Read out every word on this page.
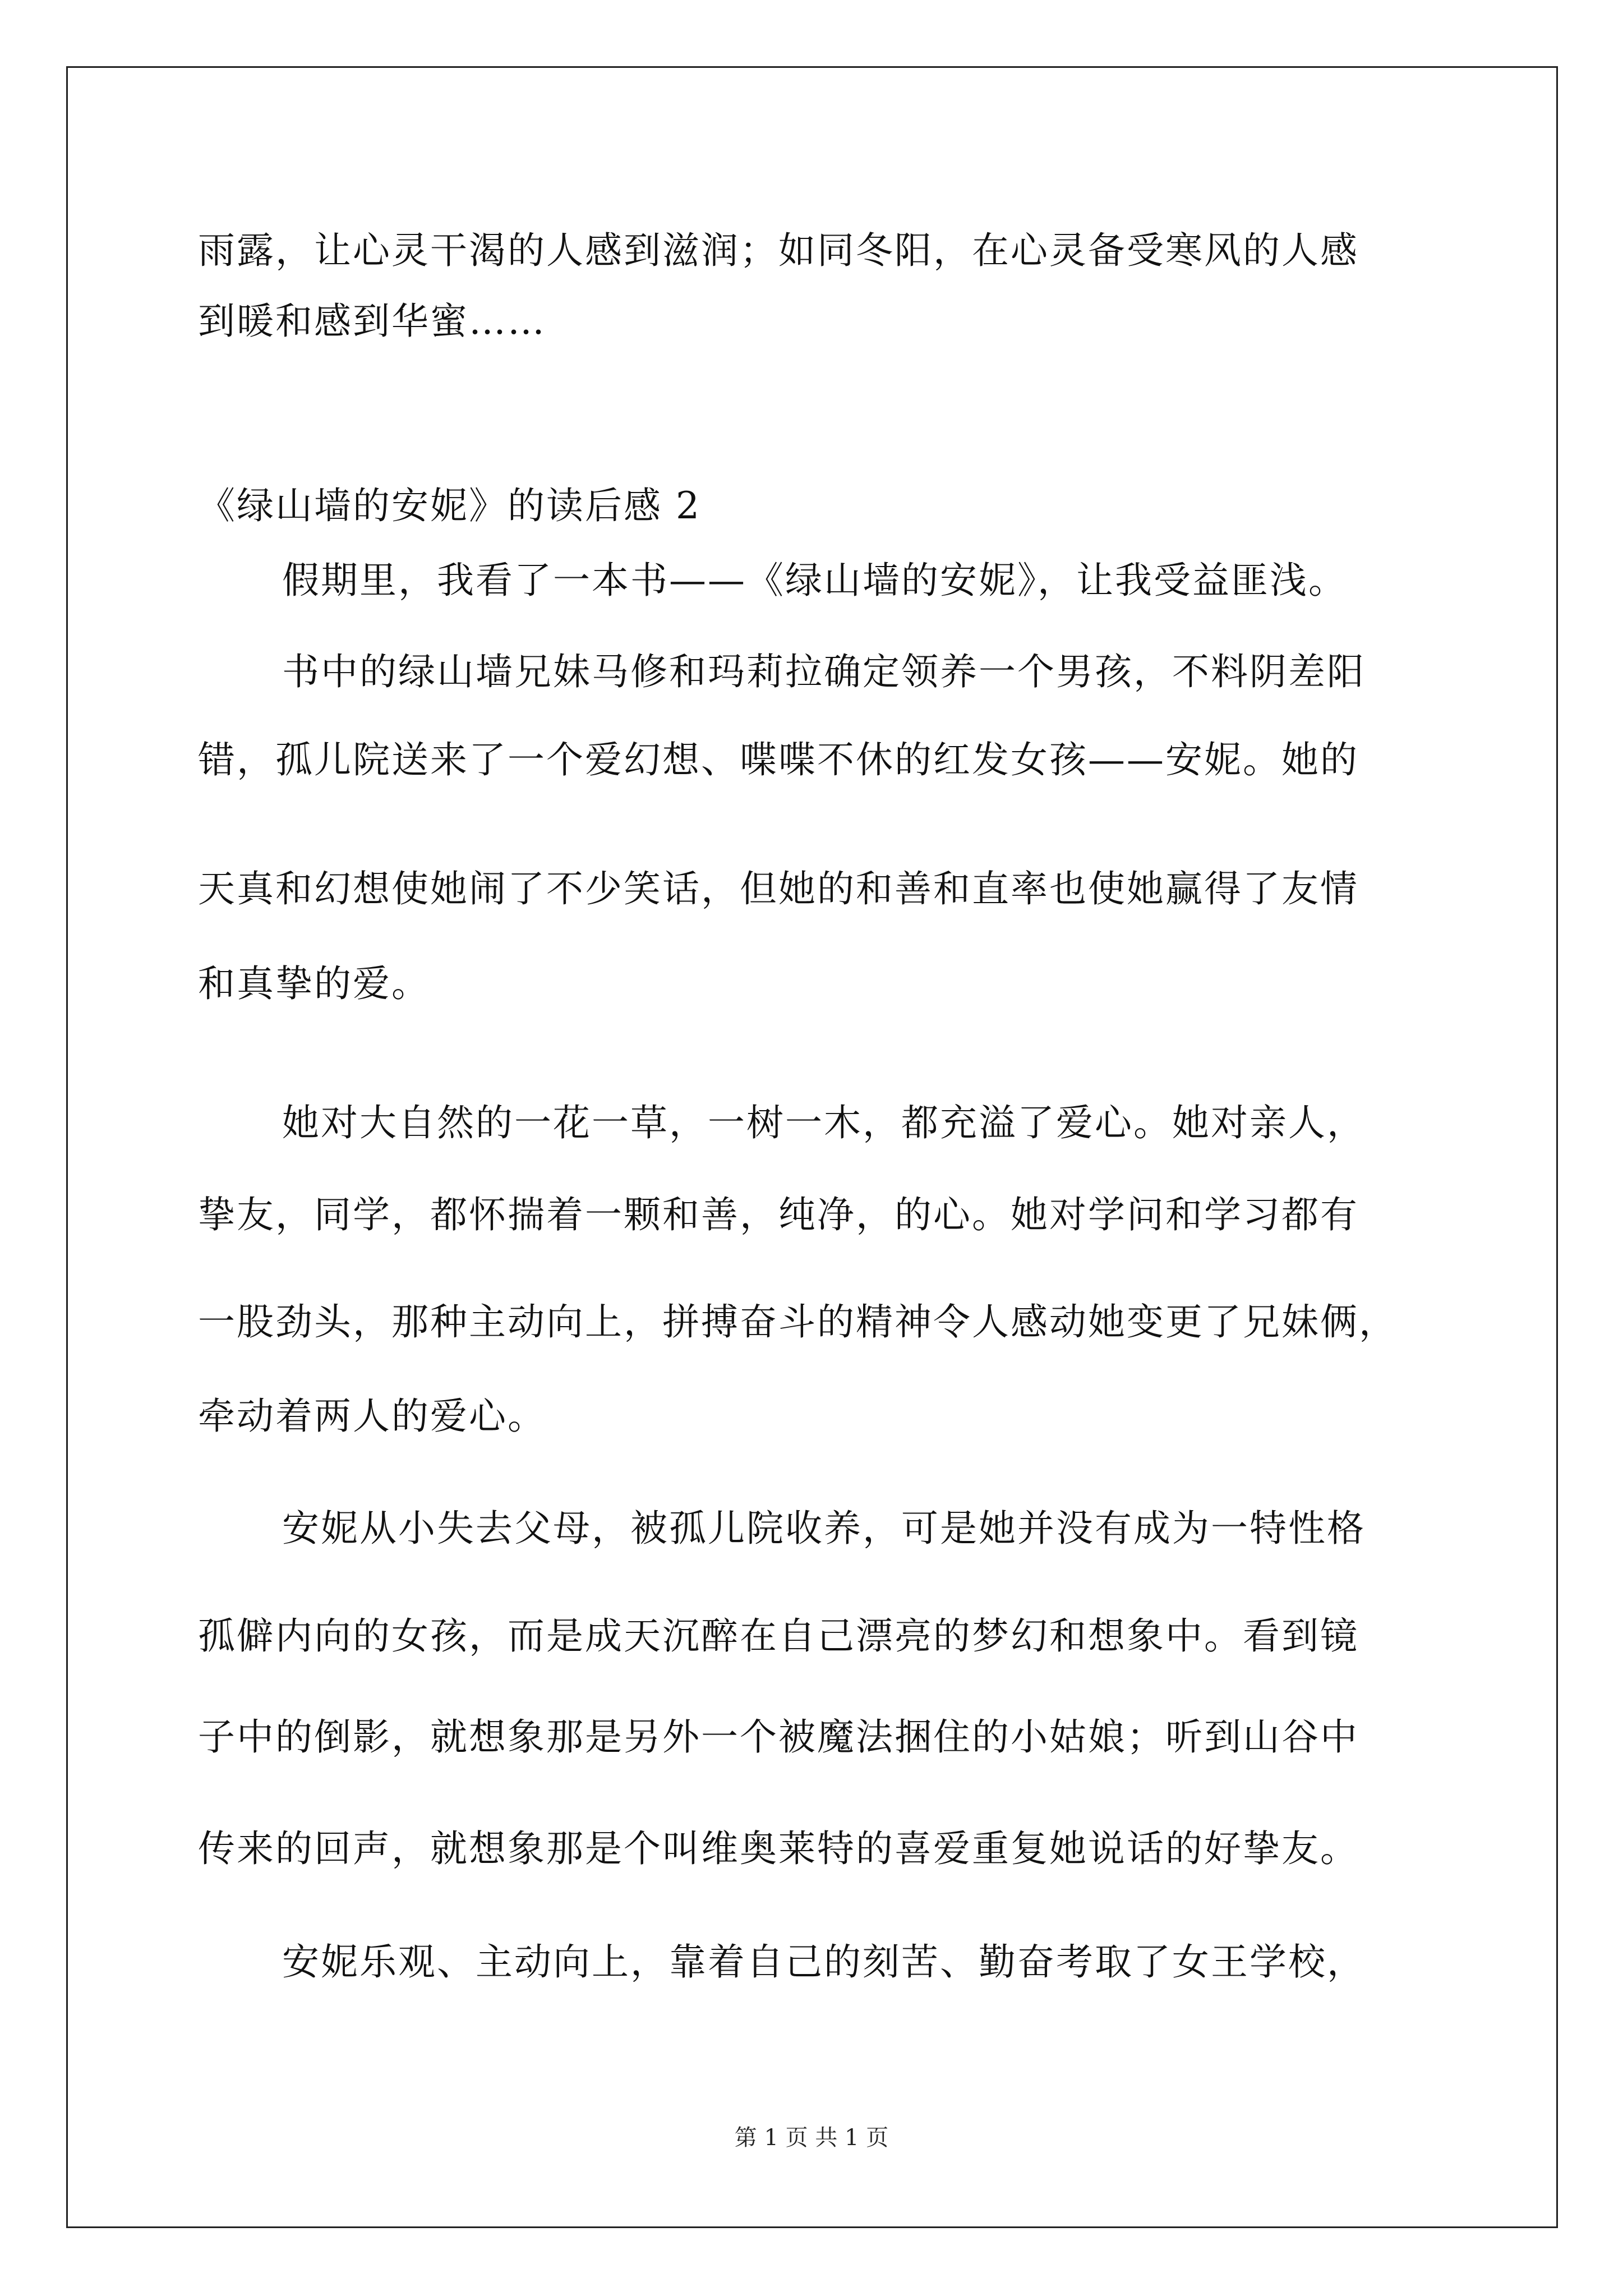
雨露，让心灵干渴的人感到滋润；如同冬阳，在心灵备受寒风的人感
到暖和感到华蜜……
《绿山墙的安妮》的读后感 2
假期里，我看了一本书——《绿山墙的安妮》，让我受益匪浅。
书中的绿山墙兄妹马修和玛莉拉确定领养一个男孩，不料阴差阳
错，孤儿院送来了一个爱幻想、喋喋不休的红发女孩——安妮。她的
天真和幻想使她闹了不少笑话，但她的和善和直率也使她赢得了友情
和真挚的爱。
她对大自然的一花一草，一树一木，都充溢了爱心。她对亲人，
挚友，同学，都怀揣着一颗和善，纯净，的心。她对学问和学习都有
一股劲头，那种主动向上，拼搏奋斗的精神令人感动她变更了兄妹俩，
牵动着两人的爱心。
安妮从小失去父母，被孤儿院收养，可是她并没有成为一特性格
孤僻内向的女孩，而是成天沉醉在自己漂亮的梦幻和想象中。看到镜
子中的倒影，就想象那是另外一个被魔法捆住的小姑娘；听到山谷中
传来的回声，就想象那是个叫维奥莱特的喜爱重复她说话的好挚友。
安妮乐观、主动向上，靠着自己的刻苦、勤奋考取了女王学校，
第 1 页 共 1 页
